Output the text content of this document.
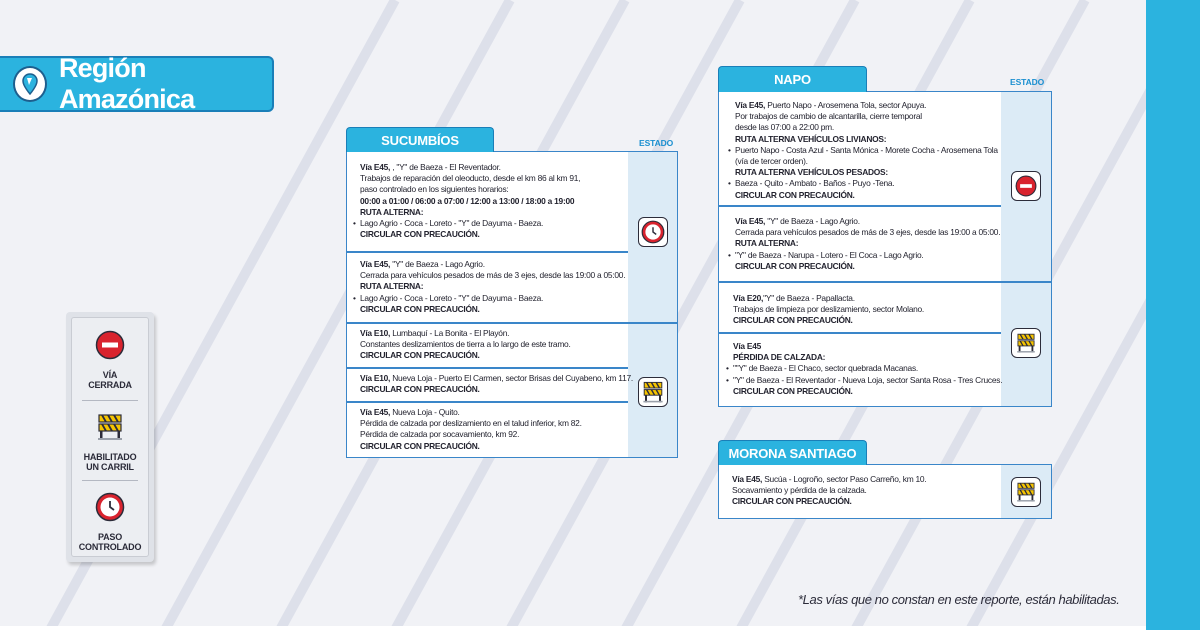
Región Amazónica
VÍA
CERRADA
HABILITADO
UN CARRIL
PASO
CONTROLADO
SUCUMBÍOS	ESTADO
Vía E45, , "Y" de Baeza - El Reventador.
Trabajos de reparación del oleoducto, desde el km 86 al km 91,
paso controlado en los siguientes horarios:
00:00 a 01:00 / 06:00 a 07:00 / 12:00 a 13:00 / 18:00 a 19:00
RUTA ALTERNA:
• Lago Agrio - Coca - Loreto - "Y" de Dayuma - Baeza.
CIRCULAR CON PRECAUCIÓN.
Vía E45, "Y" de Baeza - Lago Agrio.
Cerrada para vehículos pesados de más de 3 ejes, desde las 19:00 a 05:00.
RUTA ALTERNA:
• Lago Agrio - Coca - Loreto - "Y" de Dayuma - Baeza.
CIRCULAR CON PRECAUCIÓN.
Vía E10, Lumbaquí - La Bonita - El Playón.
Constantes deslizamientos de tierra a lo largo de este tramo.
CIRCULAR CON PRECAUCIÓN.
Vía E10, Nueva Loja - Puerto El Carmen, sector Brisas del Cuyabeno, km 117.
CIRCULAR CON PRECAUCIÓN.
Vía E45, Nueva Loja - Quito.
Pérdida de calzada por deslizamiento en el talud inferior, km 82.
Pérdida de calzada por socavamiento, km 92.
CIRCULAR CON PRECAUCIÓN.
NAPO	ESTADO
Vía E45, Puerto Napo - Arosemena Tola, sector Apuya.
Por trabajos de cambio de alcantarilla, cierre temporal
desde las 07:00 a 22:00 pm.
RUTA ALTERNA VEHÍCULOS LIVIANOS:
• Puerto Napo - Costa Azul - Santa Mónica - Morete Cocha - Arosemena Tola
(vía de tercer orden).
RUTA ALTERNA VEHÍCULOS PESADOS:
• Baeza - Quito - Ambato - Baños - Puyo -Tena.
CIRCULAR CON PRECAUCIÓN.
Vía E45, "Y" de Baeza - Lago Agrio.
Cerrada para vehículos pesados de más de 3 ejes, desde las 19:00 a 05:00.
RUTA ALTERNA:
• "Y" de Baeza - Narupa - Lotero - El Coca - Lago Agrio.
CIRCULAR CON PRECAUCIÓN.
Vía E20,"Y" de Baeza - Papallacta.
Trabajos de limpieza por deslizamiento, sector Molano.
CIRCULAR CON PRECAUCIÓN.
Vía E45
PÉRDIDA DE CALZADA:
• ""Y" de Baeza - El Chaco, sector quebrada Macanas.
• "Y" de Baeza - El Reventador - Nueva Loja, sector Santa Rosa - Tres Cruces.
CIRCULAR CON PRECAUCIÓN.
MORONA SANTIAGO
Vía E45, Sucúa - Logroño, sector Paso Carreño, km 10.
Socavamiento y pérdida de la calzada.
CIRCULAR CON PRECAUCIÓN.
*Las vías que no constan en este reporte, están habilitadas.
